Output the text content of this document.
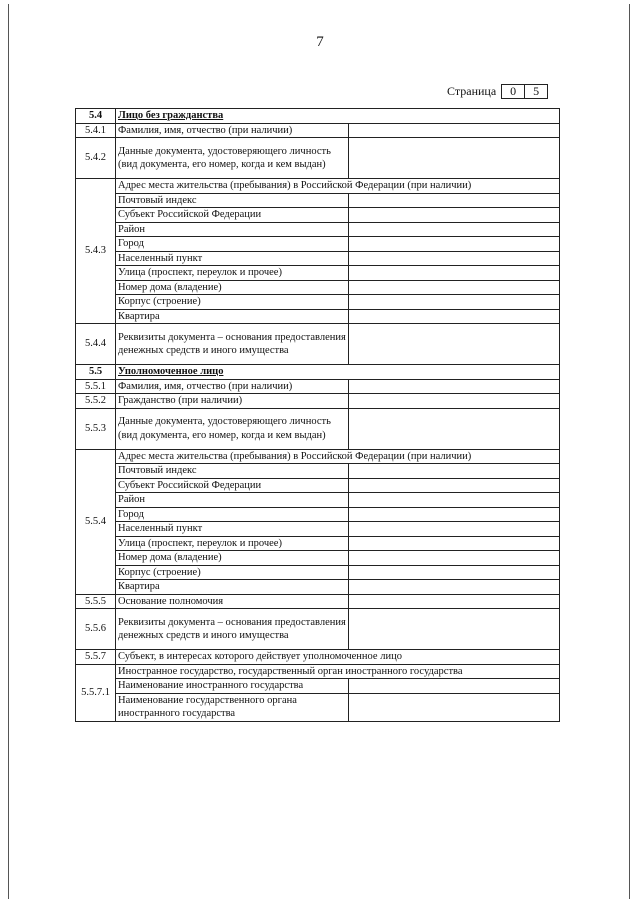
7
Страница	0	5
5.4	Лицо без гражданства	
5.4.1	Фамилия, имя, отчество (при наличии)	
5.4.2	Данные документа, удостоверяющего личность (вид документа, его номер, когда и кем выдан)	
5.4.3	Адрес места жительства (пребывания) в Российской Федерации (при наличии)	
	Почтовый индекс	
	Субъект Российской Федерации	
	Район	
	Город	
	Населенный пункт	
	Улица (проспект, переулок и прочее)	
	Номер дома (владение)	
	Корпус (строение)	
	Квартира	
5.4.4	Реквизиты документа – основания предоставления денежных средств и иного имущества	
5.5	Уполномоченное лицо	
5.5.1	Фамилия, имя, отчество (при наличии)	
5.5.2	Гражданство (при наличии)	
5.5.3	Данные документа, удостоверяющего личность (вид документа, его номер, когда и кем выдан)	
5.5.4	Адрес места жительства (пребывания) в Российской Федерации (при наличии)	
	Почтовый индекс	
	Субъект Российской Федерации	
	Район	
	Город	
	Населенный пункт	
	Улица (проспект, переулок и прочее)	
	Номер дома (владение)	
	Корпус (строение)	
	Квартира	
5.5.5	Основание полномочия	
5.5.6	Реквизиты документа – основания предоставления денежных средств и иного имущества	
5.5.7	Субъект, в интересах которого действует уполномоченное лицо	
5.5.7.1	Иностранное государство, государственный орган иностранного государства	
	Наименование иностранного государства	
	Наименование государственного органа иностранного государства	
